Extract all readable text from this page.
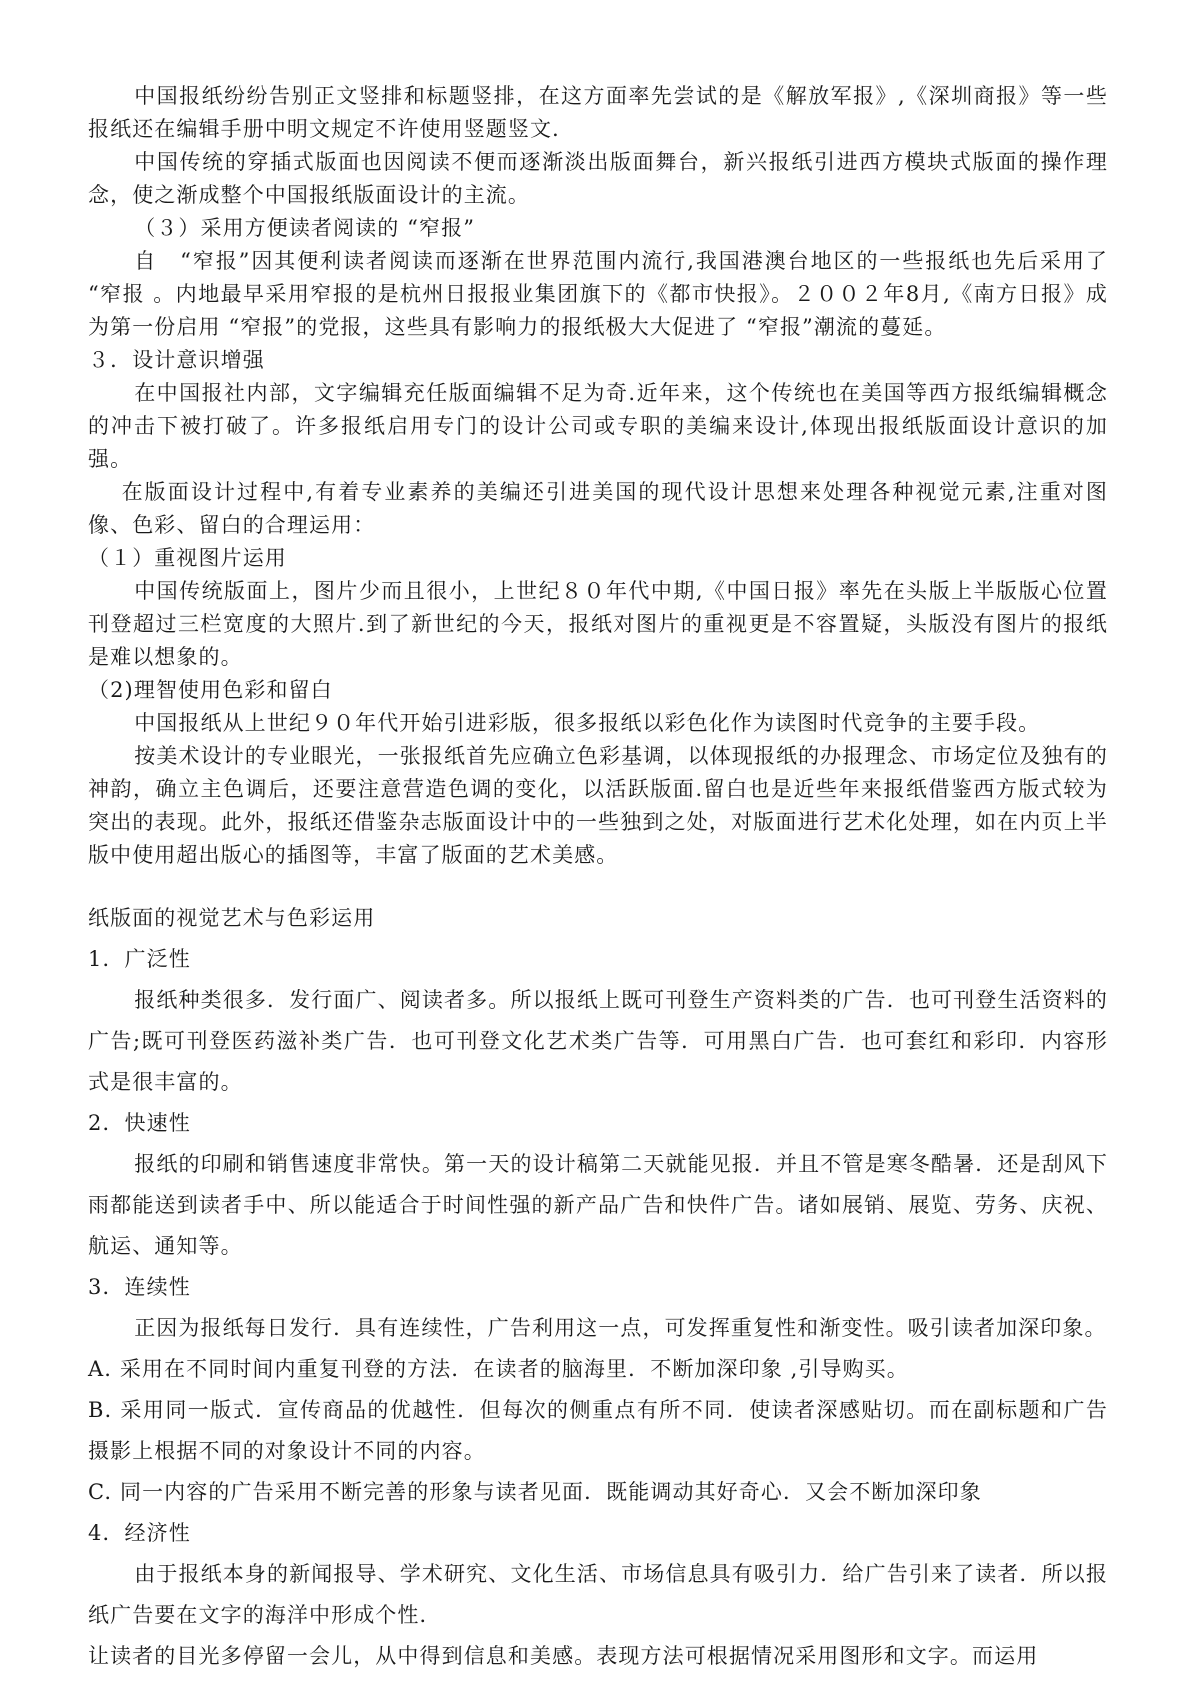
中国报纸纷纷告别正文竖排和标题竖排，在这方面率先尝试的是《解放军报》,《深圳商报》等一些报纸还在编辑手册中明文规定不许使用竖题竖文．

中国传统的穿插式版面也因阅读不便而逐渐淡出版面舞台，新兴报纸引进西方模块式版面的操作理念，使之渐成整个中国报纸版面设计的主流。

（３）采用方便读者阅读的 “窄报”

自　“窄报”因其便利读者阅读而逐渐在世界范围内流行,我国港澳台地区的一些报纸也先后采用了 “窄报 。内地最早采用窄报的是杭州日报报业集团旗下的《都市快报》。２００２年8月,《南方日报》成为第一份启用 “窄报”的党报，这些具有影响力的报纸极大大促进了 “窄报”潮流的蔓延。

３．设计意识增强

在中国报社内部，文字编辑充任版面编辑不足为奇.近年来，这个传统也在美国等西方报纸编辑概念的冲击下被打破了。许多报纸启用专门的设计公司或专职的美编来设计,体现出报纸版面设计意识的加强。

在版面设计过程中,有着专业素养的美编还引进美国的现代设计思想来处理各种视觉元素,注重对图像、色彩、留白的合理运用：

（１）重视图片运用

中国传统版面上，图片少而且很小，上世纪８０年代中期,《中国日报》率先在头版上半版版心位置刊登超过三栏宽度的大照片.到了新世纪的今天，报纸对图片的重视更是不容置疑，头版没有图片的报纸是难以想象的。

（2)理智使用色彩和留白

中国报纸从上世纪９０年代开始引进彩版，很多报纸以彩色化作为读图时代竞争的主要手段。

按美术设计的专业眼光，一张报纸首先应确立色彩基调，以体现报纸的办报理念、市场定位及独有的神韵，确立主色调后，还要注意营造色调的变化，以活跃版面.留白也是近些年来报纸借鉴西方版式较为突出的表现。此外，报纸还借鉴杂志版面设计中的一些独到之处，对版面进行艺术化处理，如在内页上半版中使用超出版心的插图等，丰富了版面的艺术美感。

纸版面的视觉艺术与色彩运用

1．广泛性

报纸种类很多．发行面广、阅读者多。所以报纸上既可刊登生产资料类的广告．也可刊登生活资料的广告;既可刊登医药滋补类广告．也可刊登文化艺术类广告等．可用黑白广告．也可套红和彩印．内容形式是很丰富的。

2．快速性

报纸的印刷和销售速度非常快。第一天的设计稿第二天就能见报．并且不管是寒冬酷暑．还是刮风下雨都能送到读者手中、所以能适合于时间性强的新产品广告和快件广告。诸如展销、展览、劳务、庆祝、航运、通知等。

3．连续性

正因为报纸每日发行．具有连续性，广告利用这一点，可发挥重复性和渐变性。吸引读者加深印象。

A. 采用在不同时间内重复刊登的方法．在读者的脑海里．不断加深印象 ,引导购买。

B. 采用同一版式．宣传商品的优越性．但每次的侧重点有所不同．使读者深感贴切。而在副标题和广告摄影上根据不同的对象设计不同的内容。

C. 同一内容的广告采用不断完善的形象与读者见面．既能调动其好奇心．又会不断加深印象

4．经济性

由于报纸本身的新闻报导、学术研究、文化生活、市场信息具有吸引力．给广告引来了读者．所以报纸广告要在文字的海洋中形成个性．

让读者的目光多停留一会儿，从中得到信息和美感。表现方法可根据情况采用图形和文字。而运用
